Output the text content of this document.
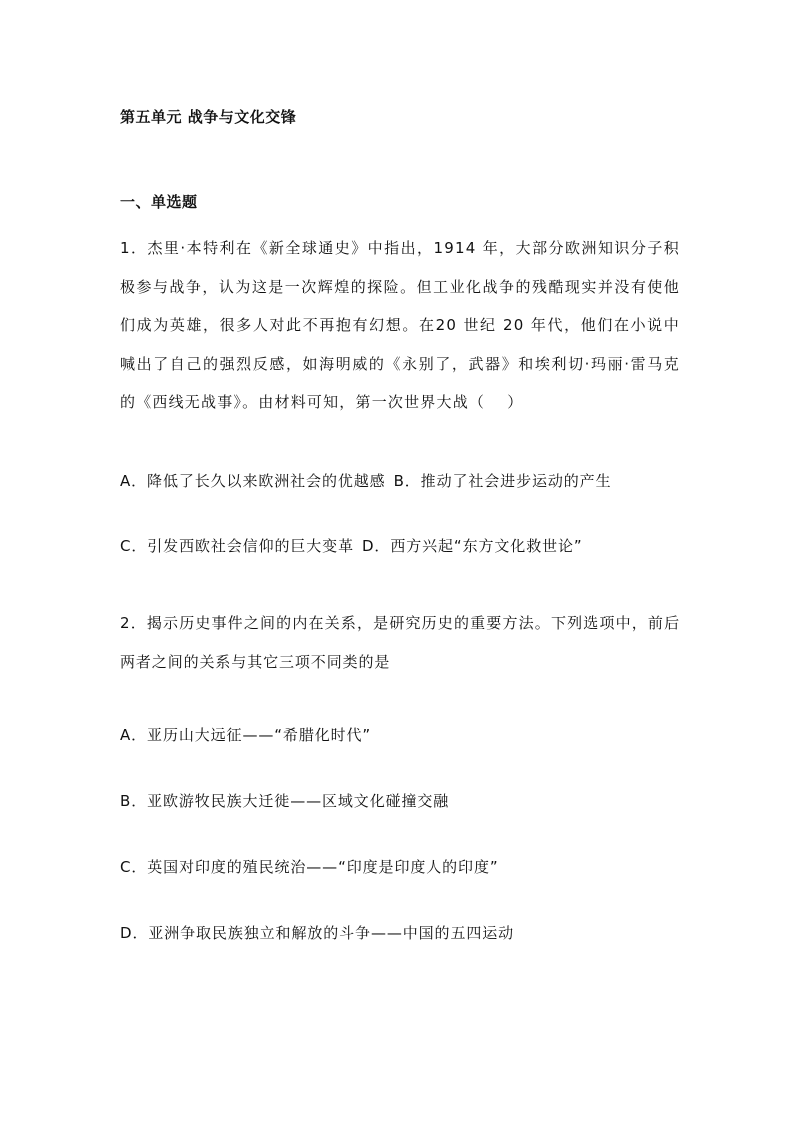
第五单元 战争与文化交锋
一、单选题

1．杰里·本特利在《新全球通史》中指出，1914 年，大部分欧洲知识分子积极参与战争，认为这是一次辉煌的探险。但工业化战争的残酷现实并没有使他们成为英雄，很多人对此不再抱有幻想。在20 世纪 20 年代，他们在小说中喊出了自己的强烈反感，如海明威的《永别了，武器》和埃利切·玛丽·雷马克的《西线无战事》。由材料可知，第一次世界大战（　 ）

A．降低了长久以来欧洲社会的优越感 B．推动了社会进步运动的产生

C．引发西欧社会信仰的巨大变革 D．西方兴起“东方文化救世论”

2．揭示历史事件之间的内在关系，是研究历史的重要方法。下列选项中，前后两者之间的关系与其它三项不同类的是

A．亚历山大远征——“希腊化时代”

B．亚欧游牧民族大迁徙——区域文化碰撞交融

C．英国对印度的殖民统治——“印度是印度人的印度”

D．亚洲争取民族独立和解放的斗争——中国的五四运动
